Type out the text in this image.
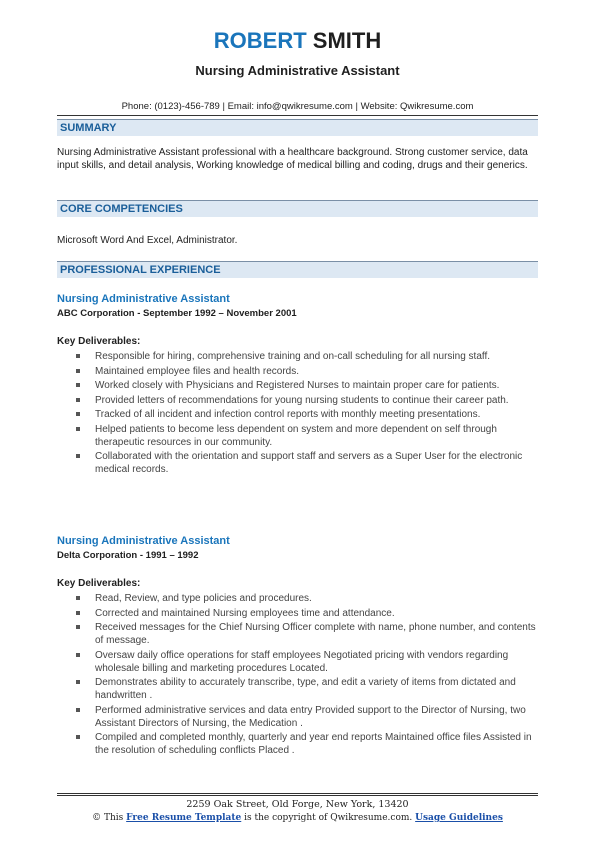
ROBERT SMITH
Nursing Administrative Assistant
Phone: (0123)-456-789 | Email: info@qwikresume.com | Website: Qwikresume.com
SUMMARY
Nursing Administrative Assistant professional with a healthcare background. Strong customer service, data input skills, and detail analysis, Working knowledge of medical billing and coding, drugs and their generics.
CORE COMPETENCIES
Microsoft Word And Excel, Administrator.
PROFESSIONAL EXPERIENCE
Nursing Administrative Assistant
ABC Corporation - September 1992 – November 2001
Key Deliverables:
Responsible for hiring, comprehensive training and on-call scheduling for all nursing staff.
Maintained employee files and health records.
Worked closely with Physicians and Registered Nurses to maintain proper care for patients.
Provided letters of recommendations for young nursing students to continue their career path.
Tracked of all incident and infection control reports with monthly meeting presentations.
Helped patients to become less dependent on system and more dependent on self through therapeutic resources in our community.
Collaborated with the orientation and support staff and servers as a Super User for the electronic medical records.
Nursing Administrative Assistant
Delta Corporation - 1991 – 1992
Key Deliverables:
Read, Review, and type policies and procedures.
Corrected and maintained Nursing employees time and attendance.
Received messages for the Chief Nursing Officer complete with name, phone number, and contents of message.
Oversaw daily office operations for staff employees Negotiated pricing with vendors regarding wholesale billing and marketing procedures Located.
Demonstrates ability to accurately transcribe, type, and edit a variety of items from dictated and handwritten .
Performed administrative services and data entry Provided support to the Director of Nursing, two Assistant Directors of Nursing, the Medication .
Compiled and completed monthly, quarterly and year end reports Maintained office files Assisted in the resolution of scheduling conflicts Placed .
2259 Oak Street, Old Forge, New York, 13420
© This Free Resume Template is the copyright of Qwikresume.com. Usage Guidelines
